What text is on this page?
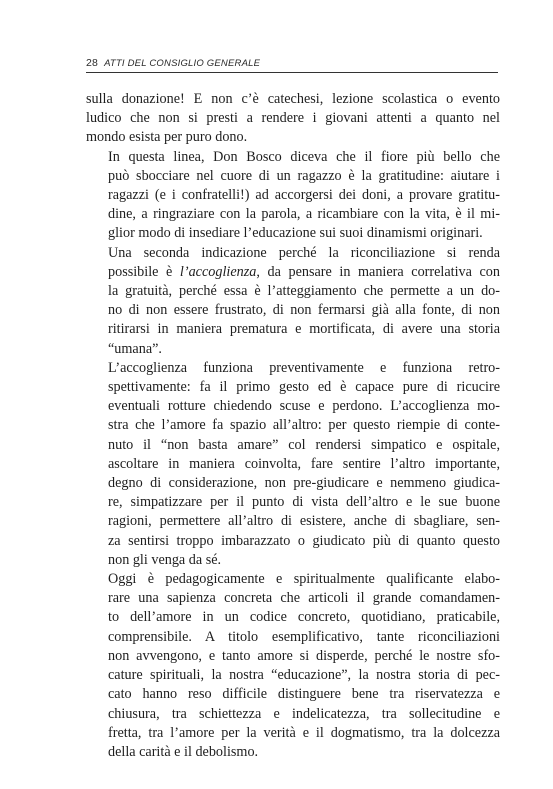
28 ATTI DEL CONSIGLIO GENERALE
sulla donazione! E non c’è catechesi, lezione scolastica o evento
ludico che non si presti a rendere i giovani attenti a quanto nel
mondo esista per puro dono.
In questa linea, Don Bosco diceva che il fiore più bello che
può sbocciare nel cuore di un ragazzo è la gratitudine: aiutare i
ragazzi (e i confratelli!) ad accorgersi dei doni, a provare gratitu-
dine, a ringraziare con la parola, a ricambiare con la vita, è il mi-
glior modo di insediare l’educazione sui suoi dinamismi originari.
Una seconda indicazione perché la riconciliazione si renda
possibile è l’accoglienza, da pensare in maniera correlativa con
la gratuità, perché essa è l’atteggiamento che permette a un do-
no di non essere frustrato, di non fermarsi già alla fonte, di non
ritirarsi in maniera prematura e mortificata, di avere una storia
“umana”.
L’accoglienza funziona preventivamente e funziona retro-
spettivamente: fa il primo gesto ed è capace pure di ricucire
eventuali rotture chiedendo scuse e perdono. L’accoglienza mo-
stra che l’amore fa spazio all’altro: per questo riempie di conte-
nuto il “non basta amare” col rendersi simpatico e ospitale,
ascoltare in maniera coinvolta, fare sentire l’altro importante,
degno di considerazione, non pre-giudicare e nemmeno giudica-
re, simpatizzare per il punto di vista dell’altro e le sue buone
ragioni, permettere all’altro di esistere, anche di sbagliare, sen-
za sentirsi troppo imbarazzato o giudicato più di quanto questo
non gli venga da sé.
Oggi è pedagogicamente e spiritualmente qualificante elabo-
rare una sapienza concreta che articoli il grande comandamen-
to dell’amore in un codice concreto, quotidiano, praticabile,
comprensibile. A titolo esemplificativo, tante riconciliazioni
non avvengono, e tanto amore si disperde, perché le nostre sfo-
cature spirituali, la nostra “educazione”, la nostra storia di pec-
cato hanno reso difficile distinguere bene tra riservatezza e
chiusura, tra schiettezza e indelicatezza, tra sollecitudine e
fretta, tra l’amore per la verità e il dogmatismo, tra la dolcezza
della carità e il debolismo.
